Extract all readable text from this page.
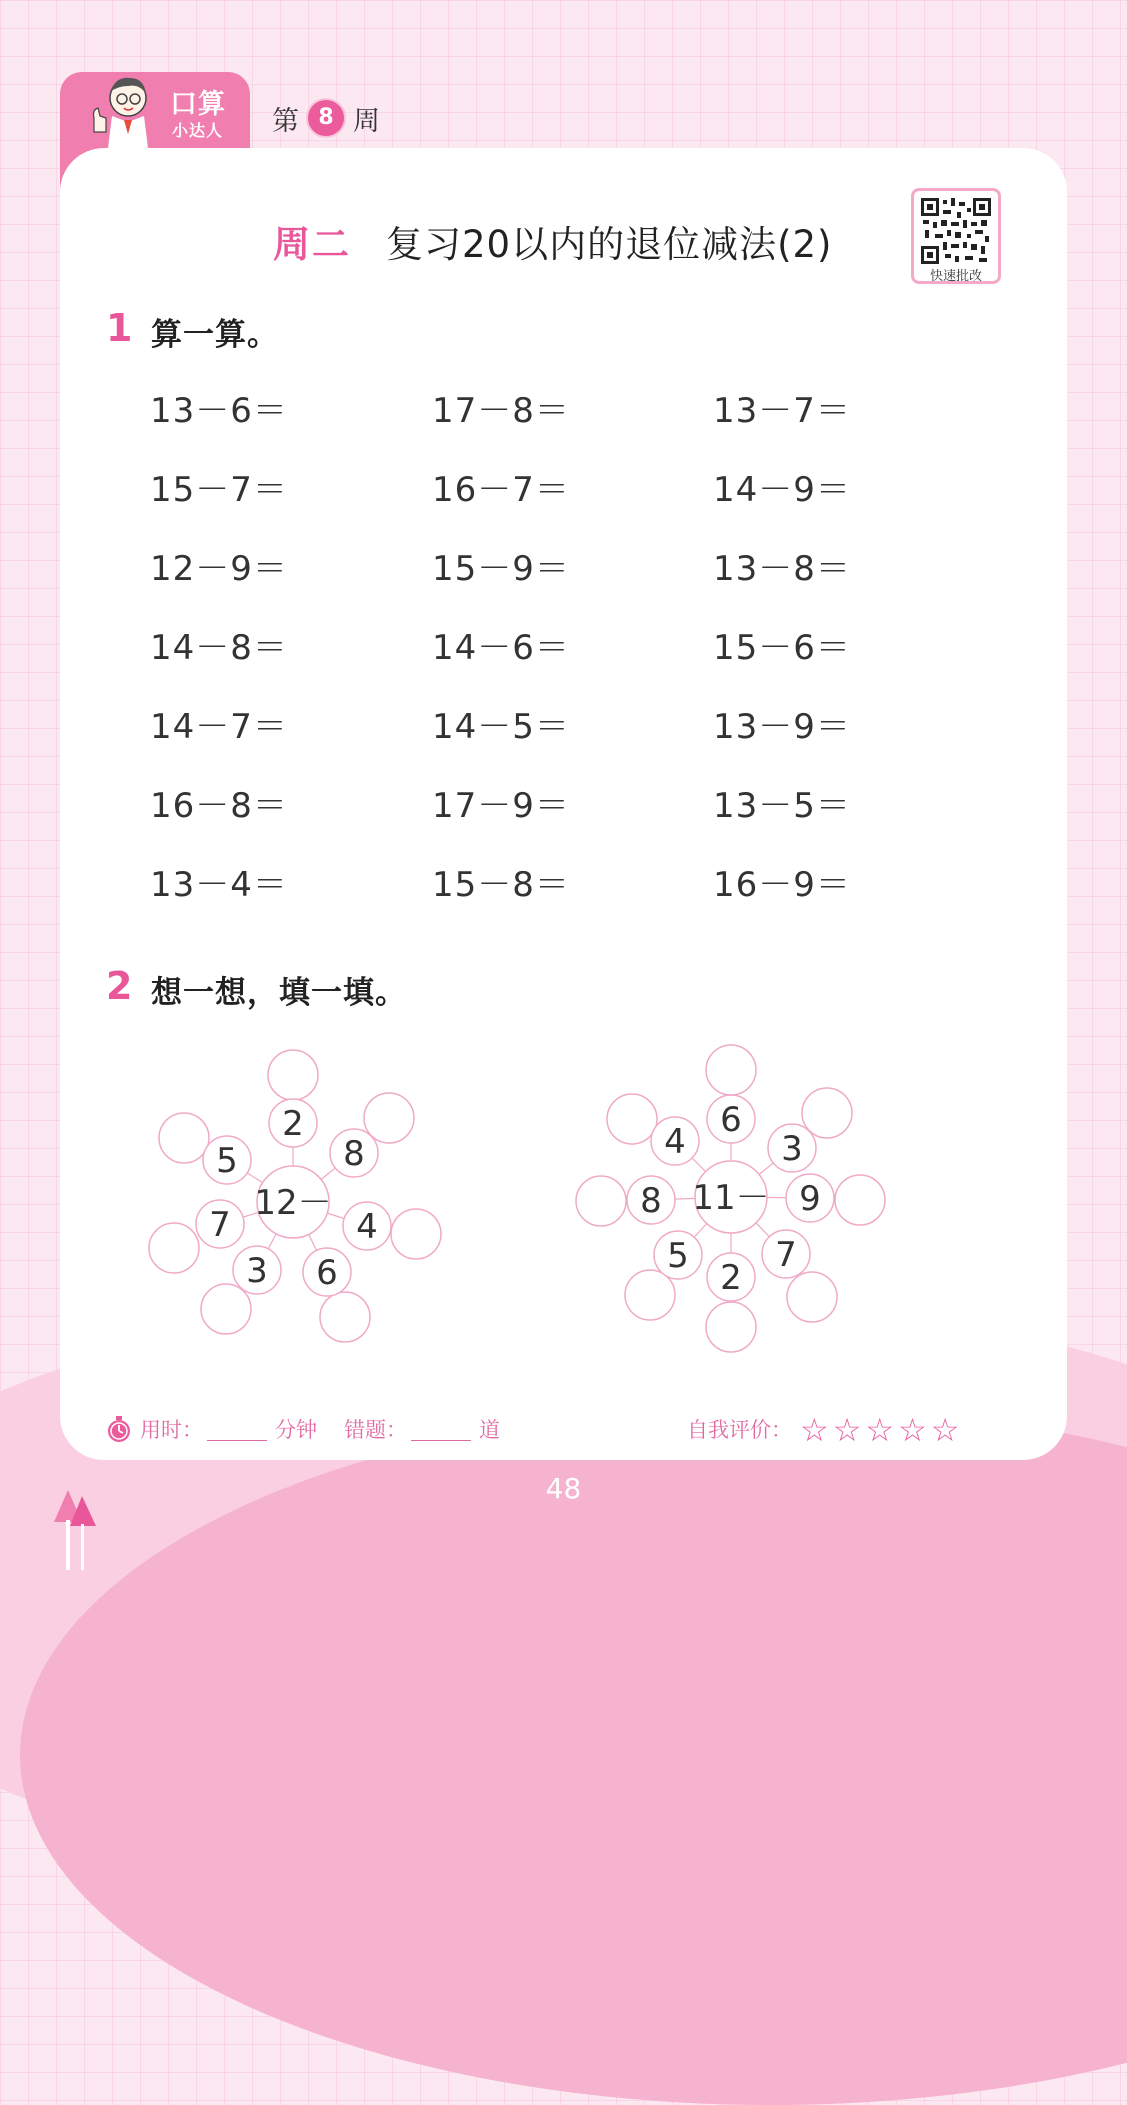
口算
小达人 第 8 周
周二 复习20以内的退位减法(2)
快速批改
1 算一算。
13－6＝	17－8＝	13－7＝
15－7＝	16－7＝	14－9＝
12－9＝	15－9＝	13－8＝
14－8＝	14－6＝	15－6＝
14－7＝	14－5＝	13－9＝
16－8＝	17－9＝	13－5＝
13－4＝	15－8＝	16－9＝
2 想一想，填一填。
12－
2
8
4
6
3
7
5
11－
6
3
9
7
2
5
8
4
用时：	分钟 错题：	道	自我评价： ☆☆☆☆☆
48
